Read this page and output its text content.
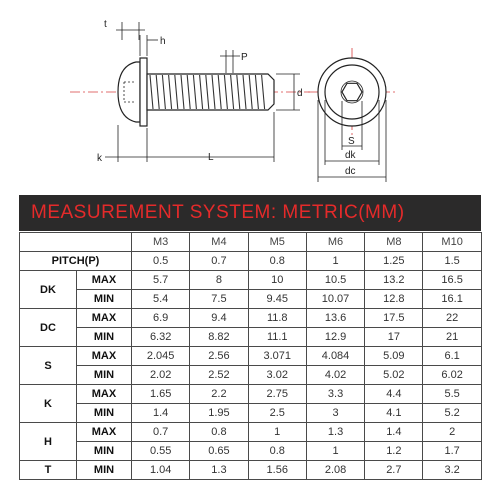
t
h
P
d
k	L
S
dk
dc
MEASUREMENT SYSTEM: METRIC(MM)
		M3	M4	M5	M6	M8	M10
PITCH(P)		0.5	0.7	0.8	1	1.25	1.5
DK	MAX	5.7	8	10	10.5	13.2	16.5
	MIN	5.4	7.5	9.45	10.07	12.8	16.1
DC	MAX	6.9	9.4	11.8	13.6	17.5	22
	MIN	6.32	8.82	11.1	12.9	17	21
S	MAX	2.045	2.56	3.071	4.084	5.09	6.1
	MIN	2.02	2.52	3.02	4.02	5.02	6.02
K	MAX	1.65	2.2	2.75	3.3	4.4	5.5
	MIN	1.4	1.95	2.5	3	4.1	5.2
H	MAX	0.7	0.8	1	1.3	1.4	2
	MIN	0.55	0.65	0.8	1	1.2	1.7
T	MIN	1.04	1.3	1.56	2.08	2.7	3.2
